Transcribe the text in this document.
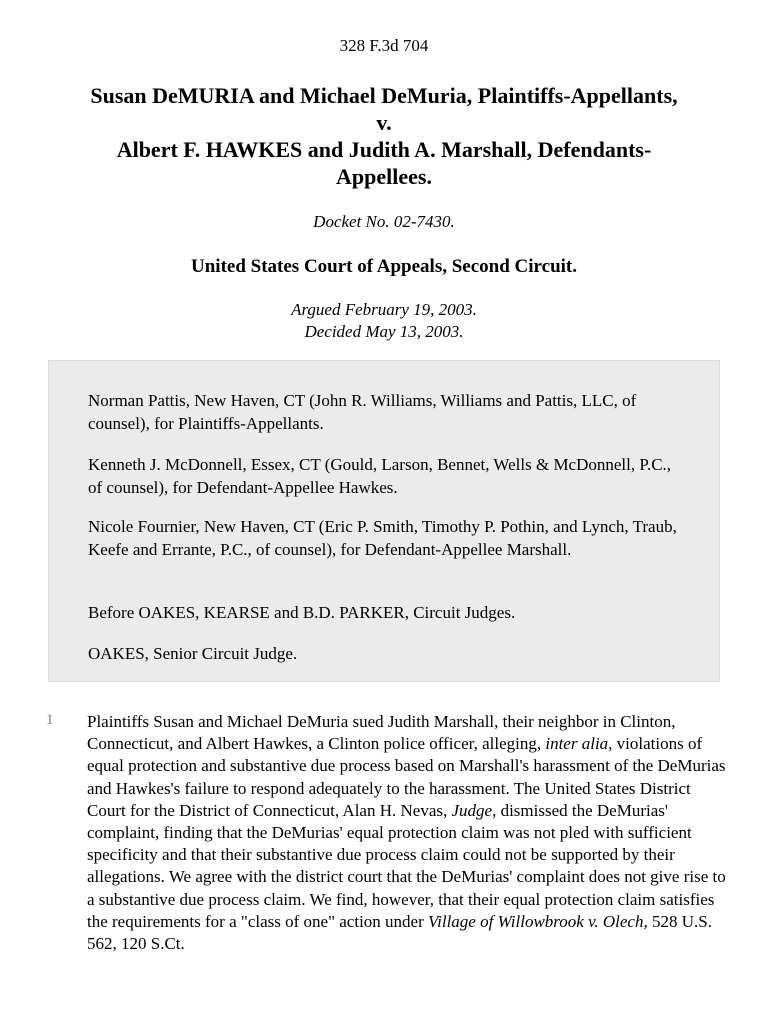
328 F.3d 704
Susan DeMURIA and Michael DeMuria, Plaintiffs-Appellants,
v.
Albert F. HAWKES and Judith A. Marshall, Defendants-
Appellees.
Docket No. 02-7430.
United States Court of Appeals, Second Circuit.
Argued February 19, 2003.
Decided May 13, 2003.

Norman Pattis, New Haven, CT (John R. Williams, Williams and Pattis, LLC, of counsel), for Plaintiffs-Appellants.

Kenneth J. McDonnell, Essex, CT (Gould, Larson, Bennet, Wells & McDonnell, P.C., of counsel), for Defendant-Appellee Hawkes.

Nicole Fournier, New Haven, CT (Eric P. Smith, Timothy P. Pothin, and Lynch, Traub, Keefe and Errante, P.C., of counsel), for Defendant-Appellee Marshall.

Before OAKES, KEARSE and B.D. PARKER, Circuit Judges.

OAKES, Senior Circuit Judge.

1 Plaintiffs Susan and Michael DeMuria sued Judith Marshall, their neighbor in Clinton, Connecticut, and Albert Hawkes, a Clinton police officer, alleging, inter alia, violations of equal protection and substantive due process based on Marshall's harassment of the DeMurias and Hawkes's failure to respond adequately to the harassment. The United States District Court for the District of Connecticut, Alan H. Nevas, Judge, dismissed the DeMurias' complaint, finding that the DeMurias' equal protection claim was not pled with sufficient specificity and that their substantive due process claim could not be supported by their allegations. We agree with the district court that the DeMurias' complaint does not give rise to a substantive due process claim. We find, however, that their equal protection claim satisfies the requirements for a "class of one" action under Village of Willowbrook v. Olech, 528 U.S. 562, 120 S.Ct.
